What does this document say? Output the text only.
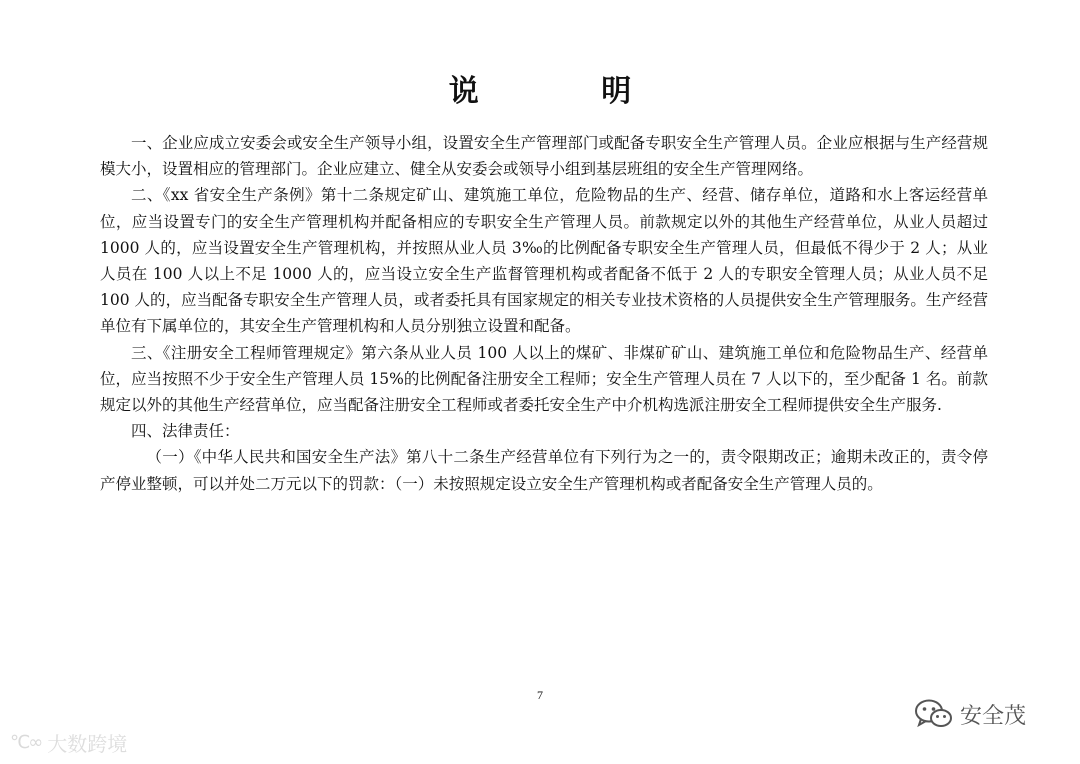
说 明

一、企业应成立安委会或安全生产领导小组，设置安全生产管理部门或配备专职安全生产管理人员。企业应根据与生产经营规模大小，设置相应的管理部门。企业应建立、健全从安委会或领导小组到基层班组的安全生产管理网络。

二、《xx 省安全生产条例》第十二条规定矿山、建筑施工单位，危险物品的生产、经营、储存单位，道路和水上客运经营单位，应当设置专门的安全生产管理机构并配备相应的专职安全生产管理人员。前款规定以外的其他生产经营单位，从业人员超过 1000 人的，应当设置安全生产管理机构，并按照从业人员 3‰的比例配备专职安全生产管理人员，但最低不得少于 2 人；从业人员在 100 人以上不足 1000 人的，应当设立安全生产监督管理机构或者配备不低于 2 人的专职安全管理人员；从业人员不足 100 人的，应当配备专职安全生产管理人员，或者委托具有国家规定的相关专业技术资格的人员提供安全生产管理服务。生产经营单位有下属单位的，其安全生产管理机构和人员分别独立设置和配备。

三、《注册安全工程师管理规定》第六条从业人员 100 人以上的煤矿、非煤矿矿山、建筑施工单位和危险物品生产、经营单位，应当按照不少于安全生产管理人员 15%的比例配备注册安全工程师；安全生产管理人员在 7 人以下的，至少配备 1 名。前款规定以外的其他生产经营单位，应当配备注册安全工程师或者委托安全生产中介机构选派注册安全工程师提供安全生产服务.

四、法律责任：

（一）《中华人民共和国安全生产法》第八十二条生产经营单位有下列行为之一的，责令限期改正；逾期未改正的，责令停产停业整顿，可以并处二万元以下的罚款：（一）未按照规定设立安全生产管理机构或者配备安全生产管理人员的。

7
℃∞ 大数跨境
安全茂
